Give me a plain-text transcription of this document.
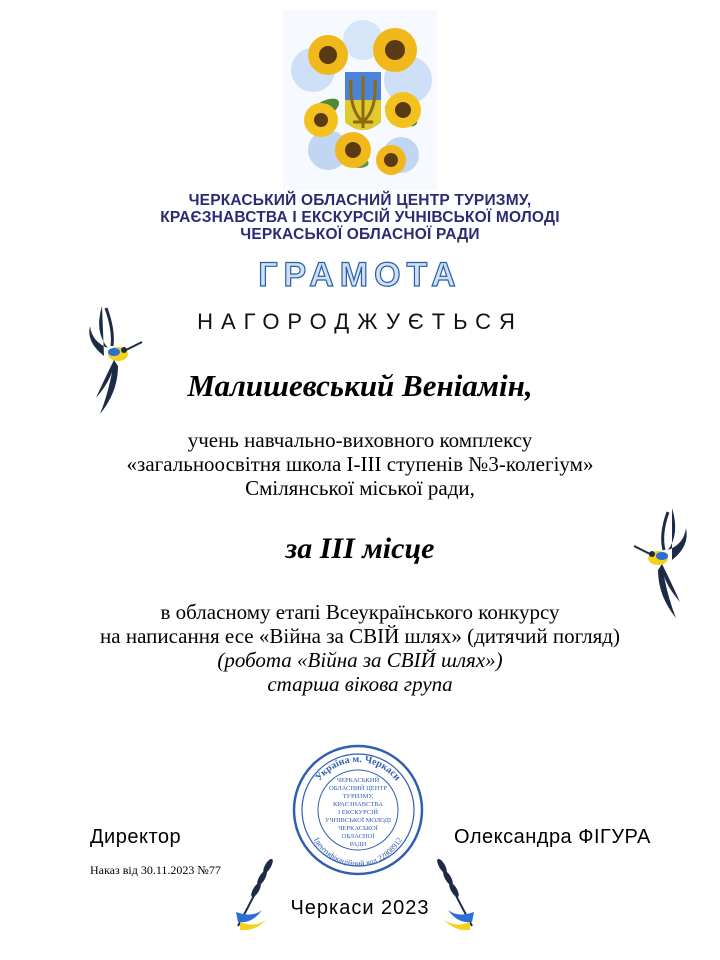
ЧЕРКАСЬКИЙ ОБЛАСНИЙ ЦЕНТР ТУРИЗМУ,
КРАЄЗНАВСТВА І ЕКСКУРСІЙ УЧНІВСЬКОЇ МОЛОДІ
ЧЕРКАСЬКОЇ ОБЛАСНОЇ РАДИ
ГРАМОТА
НАГОРОДЖУЄТЬСЯ
Малишевський Веніамін,
учень навчально-виховного комплексу
«загальноосвітня школа І-ІІІ ступенів №3-колегіум»
Смілянської міської ради,
за ІІІ місце
в обласному етапі Всеукраїнського конкурсу
на написання есе «Війна за СВІЙ шлях» (дитячий погляд)
(робота «Війна за СВІЙ шлях»)
старша вікова група
Україна м. Черкаси
Ідентифікаційний код 22808912
ЧЕРКАСЬКИЙ
ОБЛАСНИЙ ЦЕНТР
ТУРИЗМУ,
КРАЄЗНАВСТВА
І ЕКСКУРСІЙ
УЧНІВСЬКОЇ МОЛОДІ
ЧЕРКАСЬКОЇ
ОБЛАСНОЇ
РАДИ
Директор	Олександра ФІГУРА
Наказ від 30.11.2023 №77
Черкаси 2023
